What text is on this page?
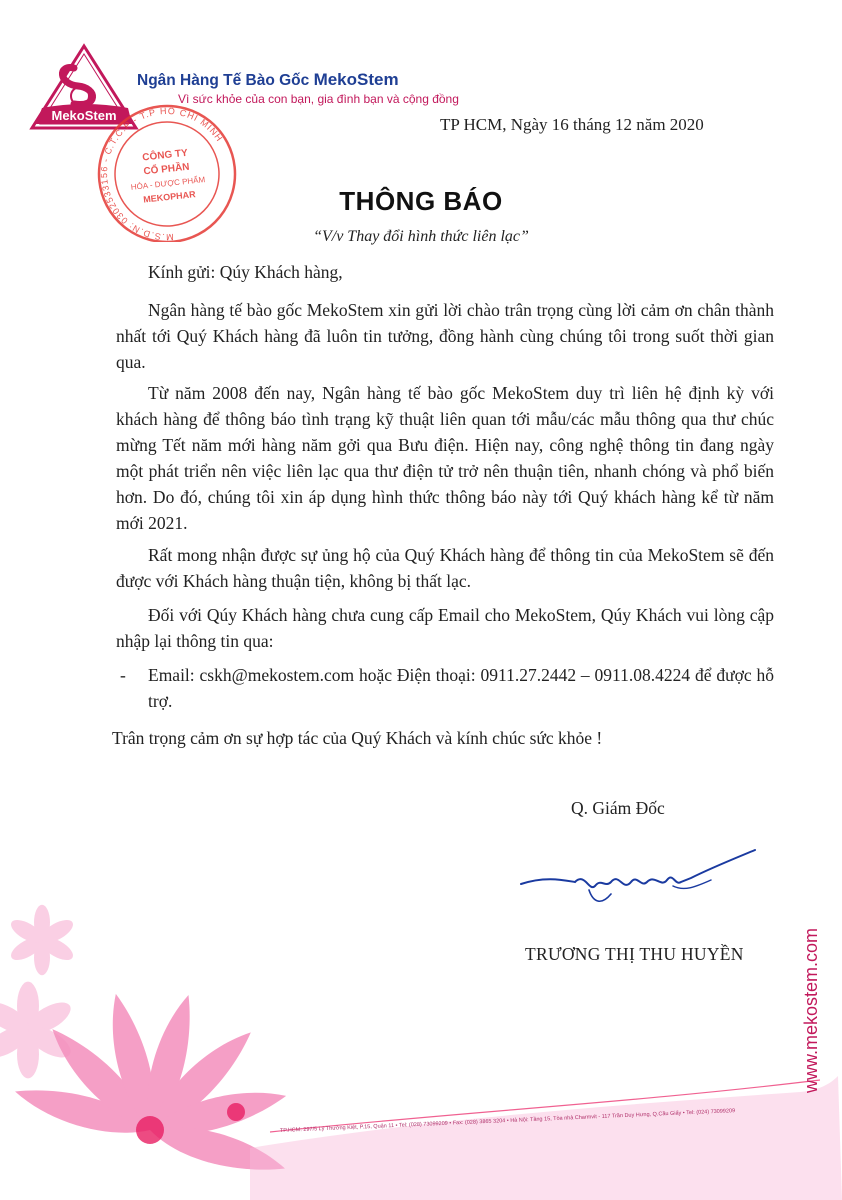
MekoStem
Ngân Hàng Tế Bào Gốc MekoStem
Vì sức khỏe của con bạn, gia đình bạn và cộng đồng
M.S.D.N: 0302533156 - C.T.C.P - T.P HỒ CHÍ MINH
CÔNG TY
CỔ PHẦN
HÓA - DƯỢC PHẨM
MEKOPHAR
TP HCM, Ngày 16 tháng 12 năm 2020
THÔNG BÁO
“V/v Thay đổi hình thức liên lạc”
Kính gửi: Qúy Khách hàng,
Ngân hàng tế bào gốc MekoStem xin gửi lời chào trân trọng cùng lời cảm ơn chân thành nhất tới Quý Khách hàng đã luôn tin tưởng, đồng hành cùng chúng tôi trong suốt thời gian qua.
Từ năm 2008 đến nay, Ngân hàng tế bào gốc MekoStem duy trì liên hệ định kỳ với khách hàng để thông báo tình trạng kỹ thuật liên quan tới mẫu/các mẫu thông qua thư chúc mừng Tết năm mới hàng năm gởi qua Bưu điện. Hiện nay, công nghệ thông tin đang ngày một phát triển nên việc liên lạc qua thư điện tử trở nên thuận tiên, nhanh chóng và phổ biến hơn. Do đó, chúng tôi xin áp dụng hình thức thông báo này tới Quý khách hàng kể từ năm mới 2021.
Rất mong nhận được sự ủng hộ của Quý Khách hàng để thông tin của MekoStem sẽ đến được với Khách hàng thuận tiện, không bị thất lạc.
Đối với Qúy Khách hàng chưa cung cấp Email cho MekoStem, Qúy Khách vui lòng cập nhập lại thông tin qua:
- Email: cskh@mekostem.com hoặc Điện thoại: 0911.27.2442 – 0911.08.4224 để được hỗ trợ.
Trân trọng cảm ơn sự hợp tác của Quý Khách và kính chúc sức khỏe !
Q. Giám Đốc
TRƯƠNG THỊ THU HUYỀN
TP.HCM: 297/5 Lý Thường Kiệt, P.15, Quận 11 • Tel: (028) 73099209 • Fax: (028) 3865 3204 • Hà Nội: Tầng 15, Tòa nhà Charmvit - 117 Trần Duy Hưng, Q.Cầu Giấy • Tel: (024) 73099209
www.mekostem.com
